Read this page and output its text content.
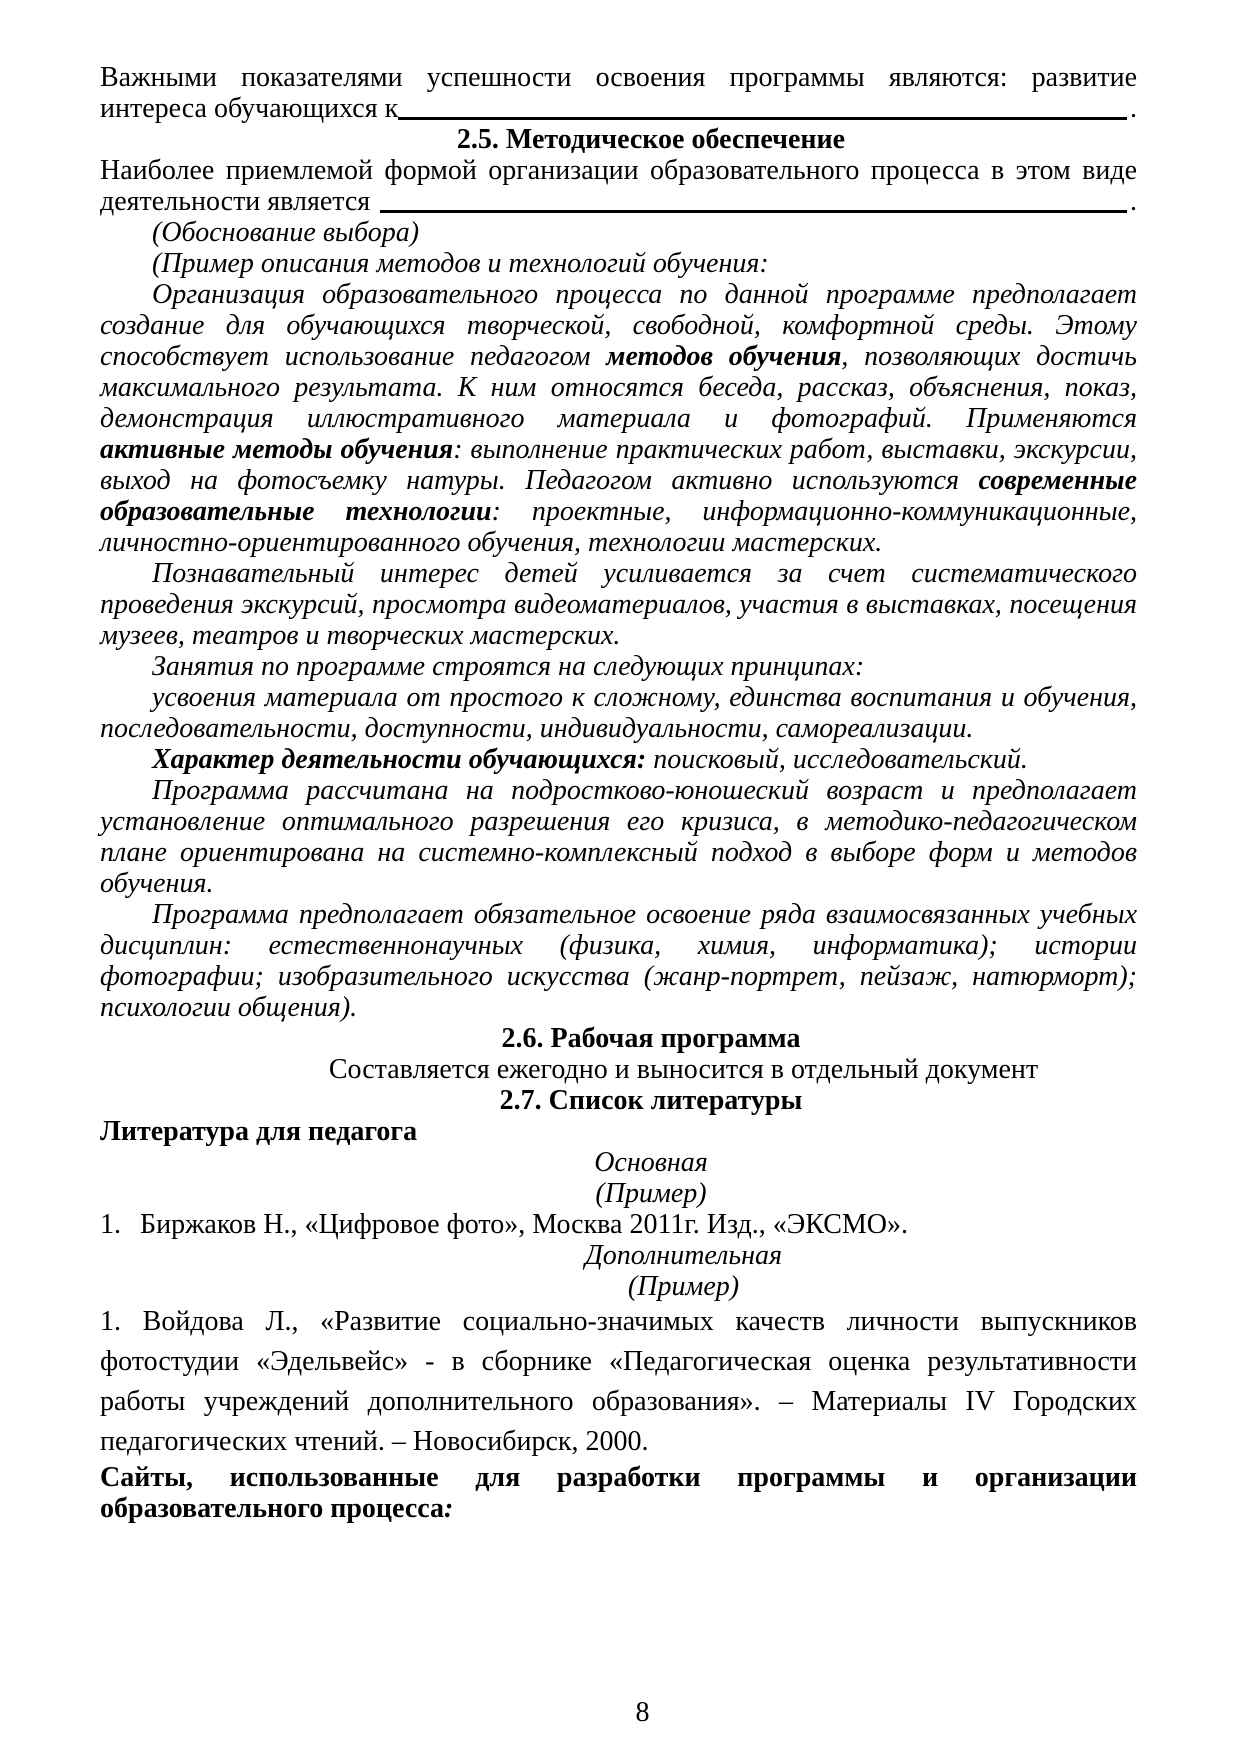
Важными показателями успешности освоения программы являются: развитие
интереса обучающихся к	.
2.5. Методическое обеспечение
Наиболее приемлемой формой организации образовательного процесса в этом виде
деятельности является	.

(Обоснование выбора)

(Пример описания методов и технологий обучения:

Организация образовательного процесса по данной программе предполагает создание для обучающихся творческой, свободной, комфортной среды. Этому способствует использование педагогом методов обучения, позволяющих достичь максимального результата. К ним относятся беседа, рассказ, объяснения, показ, демонстрация иллюстративного материала и фотографий. Применяются активные методы обучения: выполнение практических работ, выставки, экскурсии, выход на фотосъемку натуры. Педагогом активно используются современные образовательные технологии: проектные, информационно-коммуникационные, личностно-ориентированного обучения, технологии мастерских.

Познавательный интерес детей усиливается за счет систематического проведения экскурсий, просмотра видеоматериалов, участия в выставках, посещения музеев, театров и творческих мастерских.

Занятия по программе строятся на следующих принципах:

усвоения материала от простого к сложному, единства воспитания и обучения, последовательности, доступности, индивидуальности, самореализации.

Характер деятельности обучающихся: поисковый, исследовательский.

Программа рассчитана на подростково-юношеский возраст и предполагает установление оптимального разрешения его кризиса, в методико-педагогическом плане ориентирована на системно-комплексный подход в выборе форм и методов обучения.

Программа предполагает обязательное освоение ряда взаимосвязанных учебных дисциплин: естественнонаучных (физика, химия, информатика); истории фотографии; изобразительного искусства (жанр-портрет, пейзаж, натюрморт); психологии общения).

2.6. Рабочая программа

Составляется ежегодно и выносится в отдельный документ

2.7. Список литературы

Литература для педагога

Основная

(Пример)

1. Биржаков Н., «Цифровое фото», Москва 2011г. Изд., «ЭКСМО».

Дополнительная

(Пример)

1. Войдова Л., «Развитие социально-значимых качеств личности выпускников фотостудии «Эдельвейс» - в сборнике «Педагогическая оценка результативности работы учреждений дополнительного образования». – Материалы IV Городских педагогических чтений. – Новосибирск, 2000.

Сайты, использованные для разработки программы и организации образовательного процесса:

8
